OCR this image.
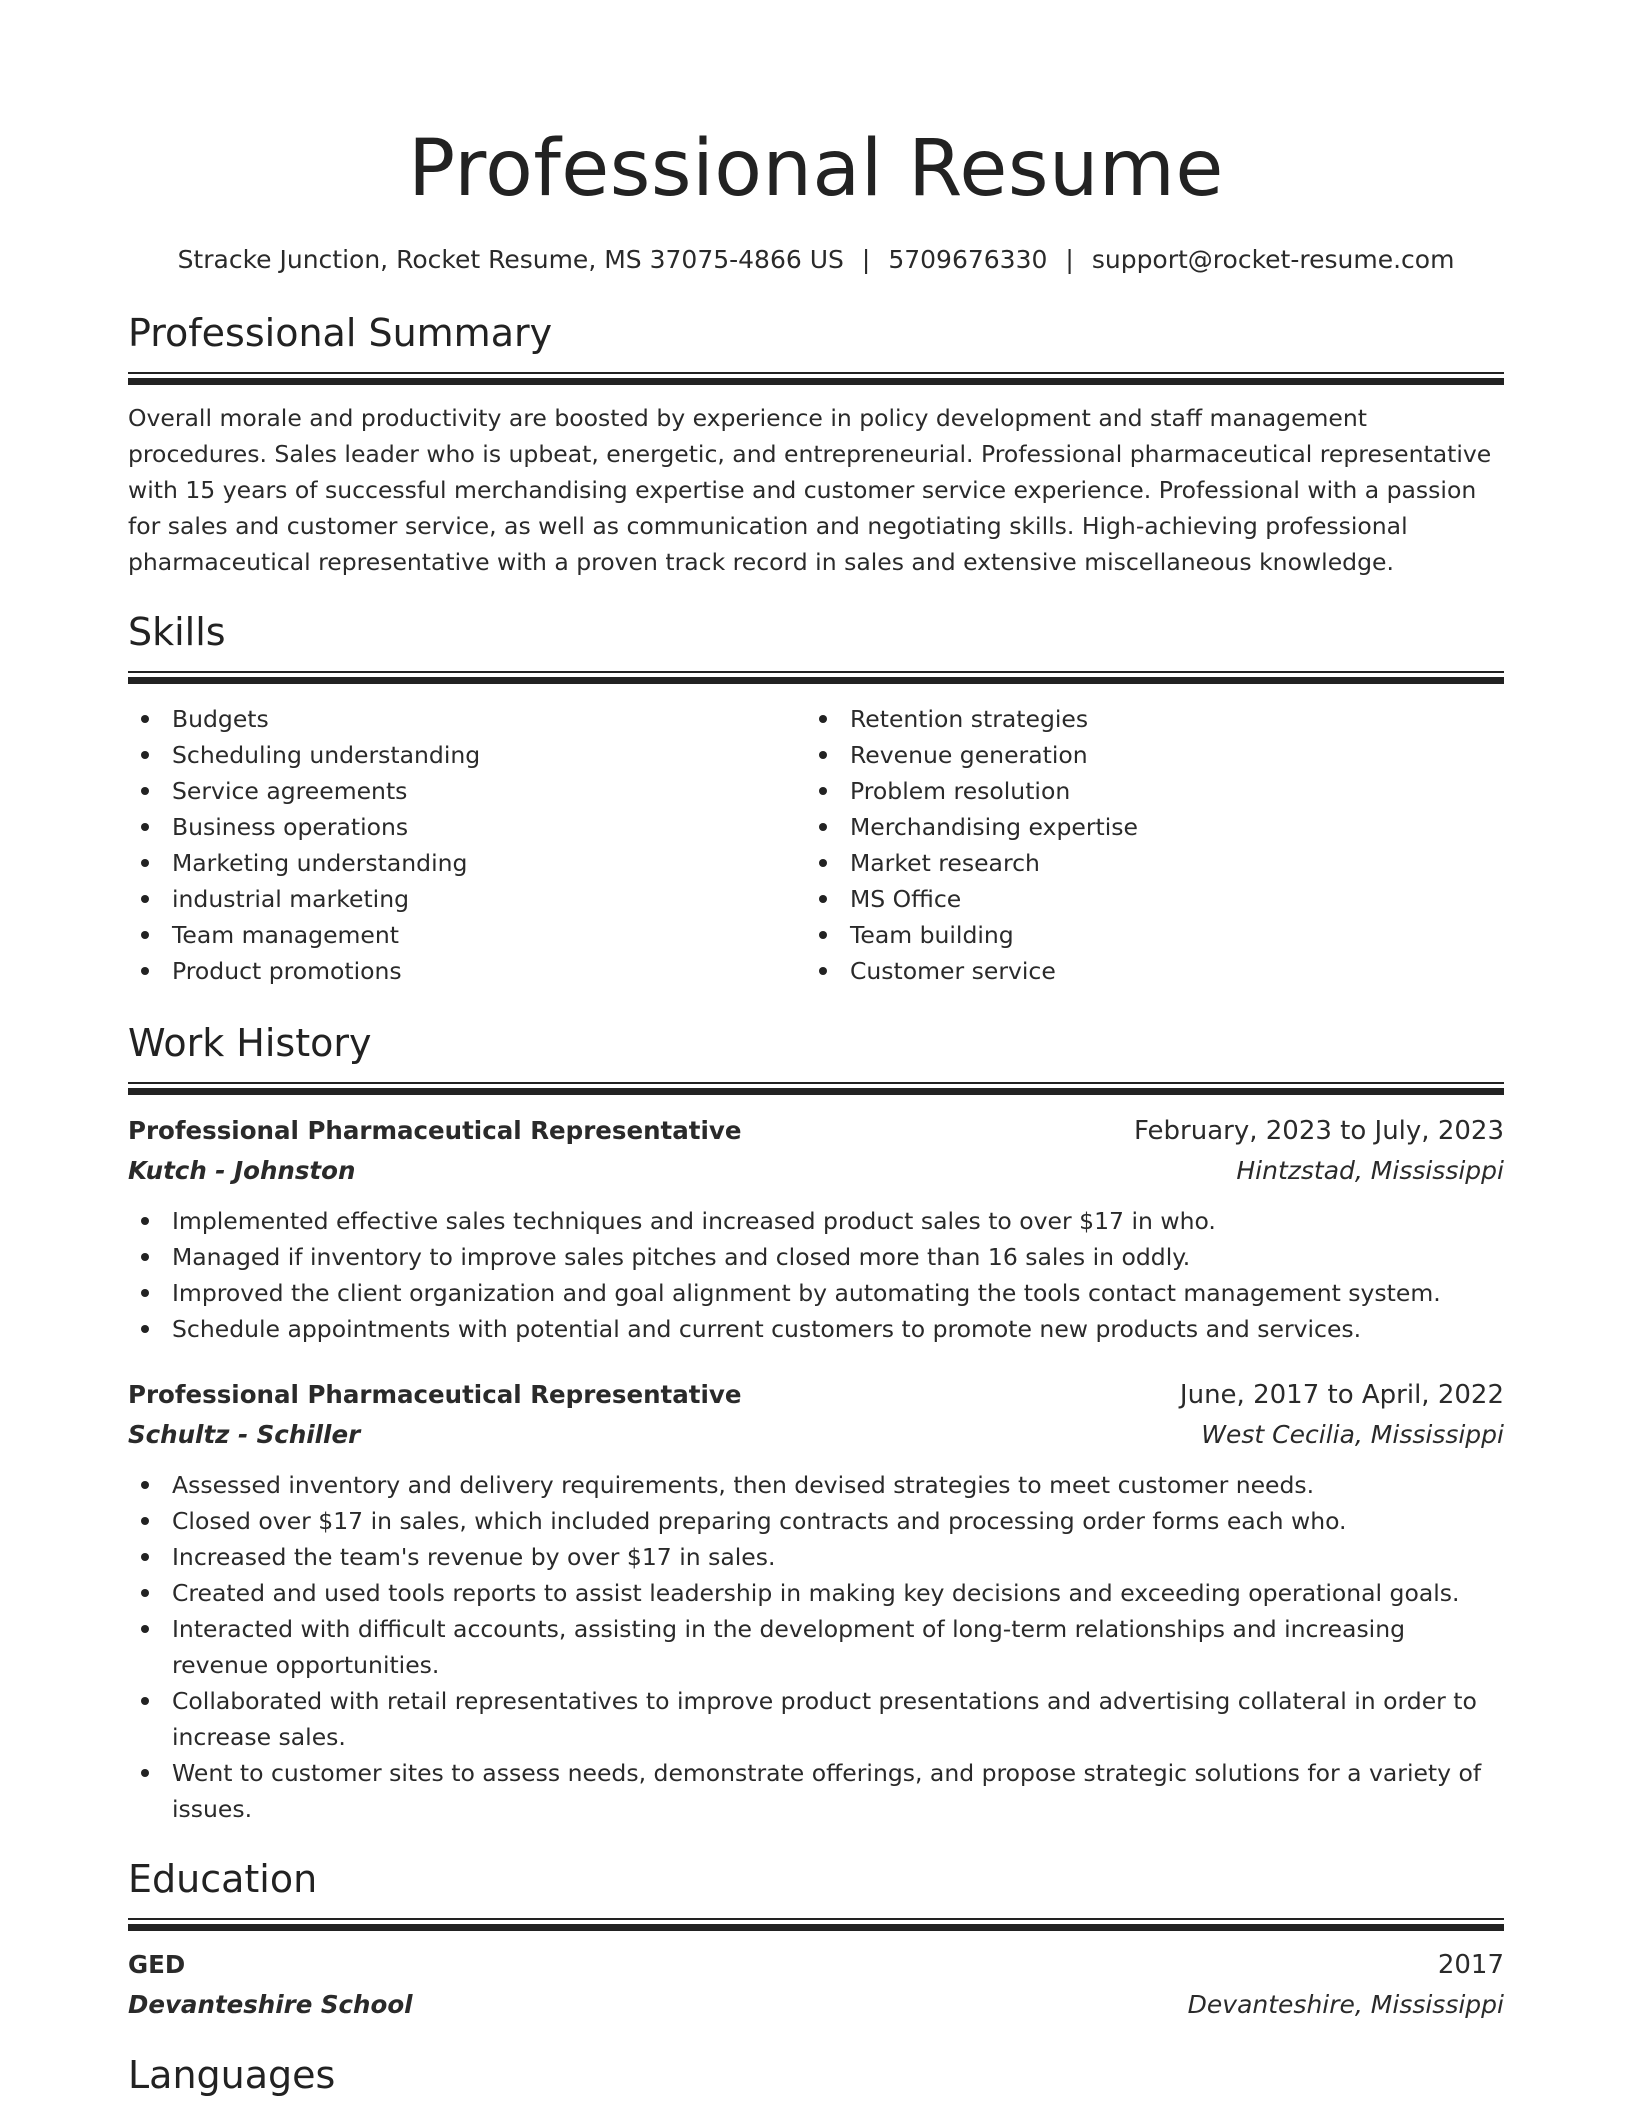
Professional Resume
Stracke Junction, Rocket Resume, MS 37075-4866 US | 5709676330 | support@rocket-resume.com
Professional Summary
Overall morale and productivity are boosted by experience in policy development and staff management procedures. Sales leader who is upbeat, energetic, and entrepreneurial. Professional pharmaceutical representative with 15 years of successful merchandising expertise and customer service experience. Professional with a passion for sales and customer service, as well as communication and negotiating skills. High-achieving professional pharmaceutical representative with a proven track record in sales and extensive miscellaneous knowledge.
Skills
Budgets
Scheduling understanding
Service agreements
Business operations
Marketing understanding
industrial marketing
Team management
Product promotions
Retention strategies
Revenue generation
Problem resolution
Merchandising expertise
Market research
MS Office
Team building
Customer service
Work History
Professional Pharmaceutical Representative	February, 2023 to July, 2023
Kutch - Johnston	Hintzstad, Mississippi
Implemented effective sales techniques and increased product sales to over $17 in who.
Managed if inventory to improve sales pitches and closed more than 16 sales in oddly.
Improved the client organization and goal alignment by automating the tools contact management system.
Schedule appointments with potential and current customers to promote new products and services.
Professional Pharmaceutical Representative	June, 2017 to April, 2022
Schultz - Schiller	West Cecilia, Mississippi
Assessed inventory and delivery requirements, then devised strategies to meet customer needs.
Closed over $17 in sales, which included preparing contracts and processing order forms each who.
Increased the team's revenue by over $17 in sales.
Created and used tools reports to assist leadership in making key decisions and exceeding operational goals.
Interacted with difficult accounts, assisting in the development of long-term relationships and increasing revenue opportunities.
Collaborated with retail representatives to improve product presentations and advertising collateral in order to increase sales.
Went to customer sites to assess needs, demonstrate offerings, and propose strategic solutions for a variety of issues.
Education
GED	2017
Devanteshire School	Devanteshire, Mississippi
Languages
